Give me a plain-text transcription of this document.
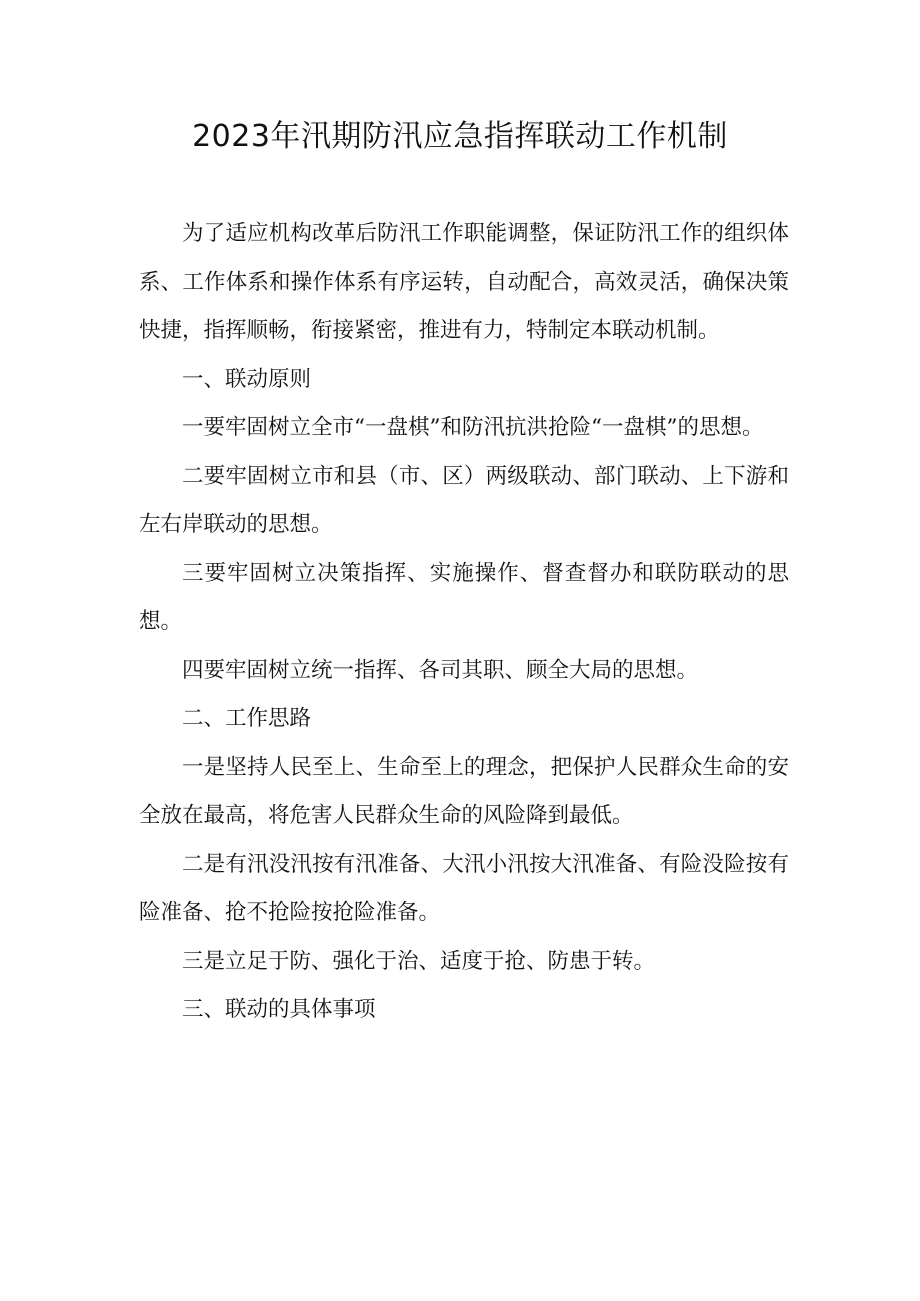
2023年汛期防汛应急指挥联动工作机制

为了适应机构改革后防汛工作职能调整，保证防汛工作的组织体系、工作体系和操作体系有序运转，自动配合，高效灵活，确保决策快捷，指挥顺畅，衔接紧密，推进有力，特制定本联动机制。

一、联动原则

一要牢固树立全市“一盘棋”和防汛抗洪抢险“一盘棋”的思想。

二要牢固树立市和县（市、区）两级联动、部门联动、上下游和左右岸联动的思想。

三要牢固树立决策指挥、实施操作、督查督办和联防联动的思想。

四要牢固树立统一指挥、各司其职、顾全大局的思想。

二、工作思路

一是坚持人民至上、生命至上的理念，把保护人民群众生命的安全放在最高，将危害人民群众生命的风险降到最低。

二是有汛没汛按有汛准备、大汛小汛按大汛准备、有险没险按有险准备、抢不抢险按抢险准备。

三是立足于防、强化于治、适度于抢、防患于转。

三、联动的具体事项
